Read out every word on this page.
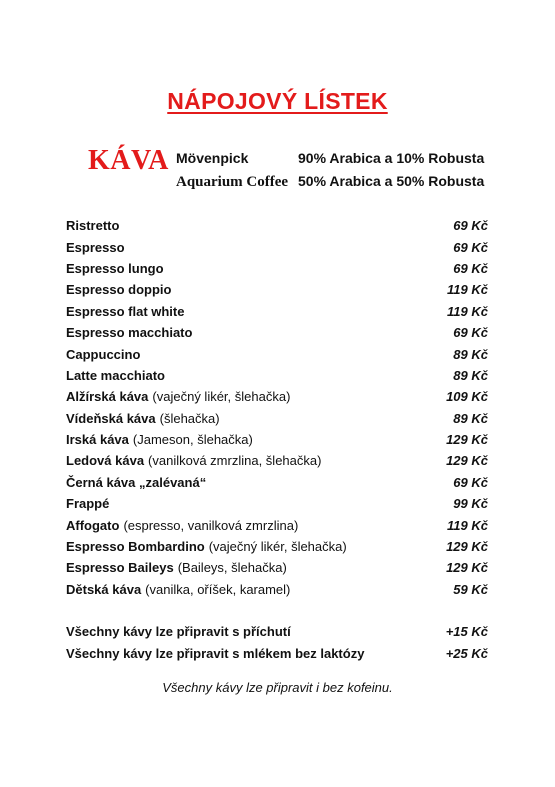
NÁPOJOVÝ LÍSTEK
KÁVA Mövenpick	90% Arabica a 10% Robusta
Aquarium Coffee 50% Arabica a 50% Robusta
Ristretto	69 Kč
Espresso	69 Kč
Espresso lungo	69 Kč
Espresso doppio	119 Kč
Espresso flat white	119 Kč
Espresso macchiato	69 Kč
Cappuccino	89 Kč
Latte macchiato	89 Kč
Alžírská káva (vaječný likér, šlehačka)	109 Kč
Vídeňská káva (šlehačka)	89 Kč
Irská káva (Jameson, šlehačka)	129 Kč
Ledová káva (vanilková zmrzlina, šlehačka)	129 Kč
Černá káva „zalévaná“	69 Kč
Frappé	99 Kč
Affogato (espresso, vanilková zmrzlina)	119 Kč
Espresso Bombardino (vaječný likér, šlehačka)	129 Kč
Espresso Baileys (Baileys, šlehačka)	129 Kč
Dětská káva (vanilka, oříšek, karamel)	59 Kč
Všechny kávy lze připravit s příchutí	+15 Kč
Všechny kávy lze připravit s mlékem bez laktózy	+25 Kč
Všechny kávy lze připravit i bez kofeinu.
